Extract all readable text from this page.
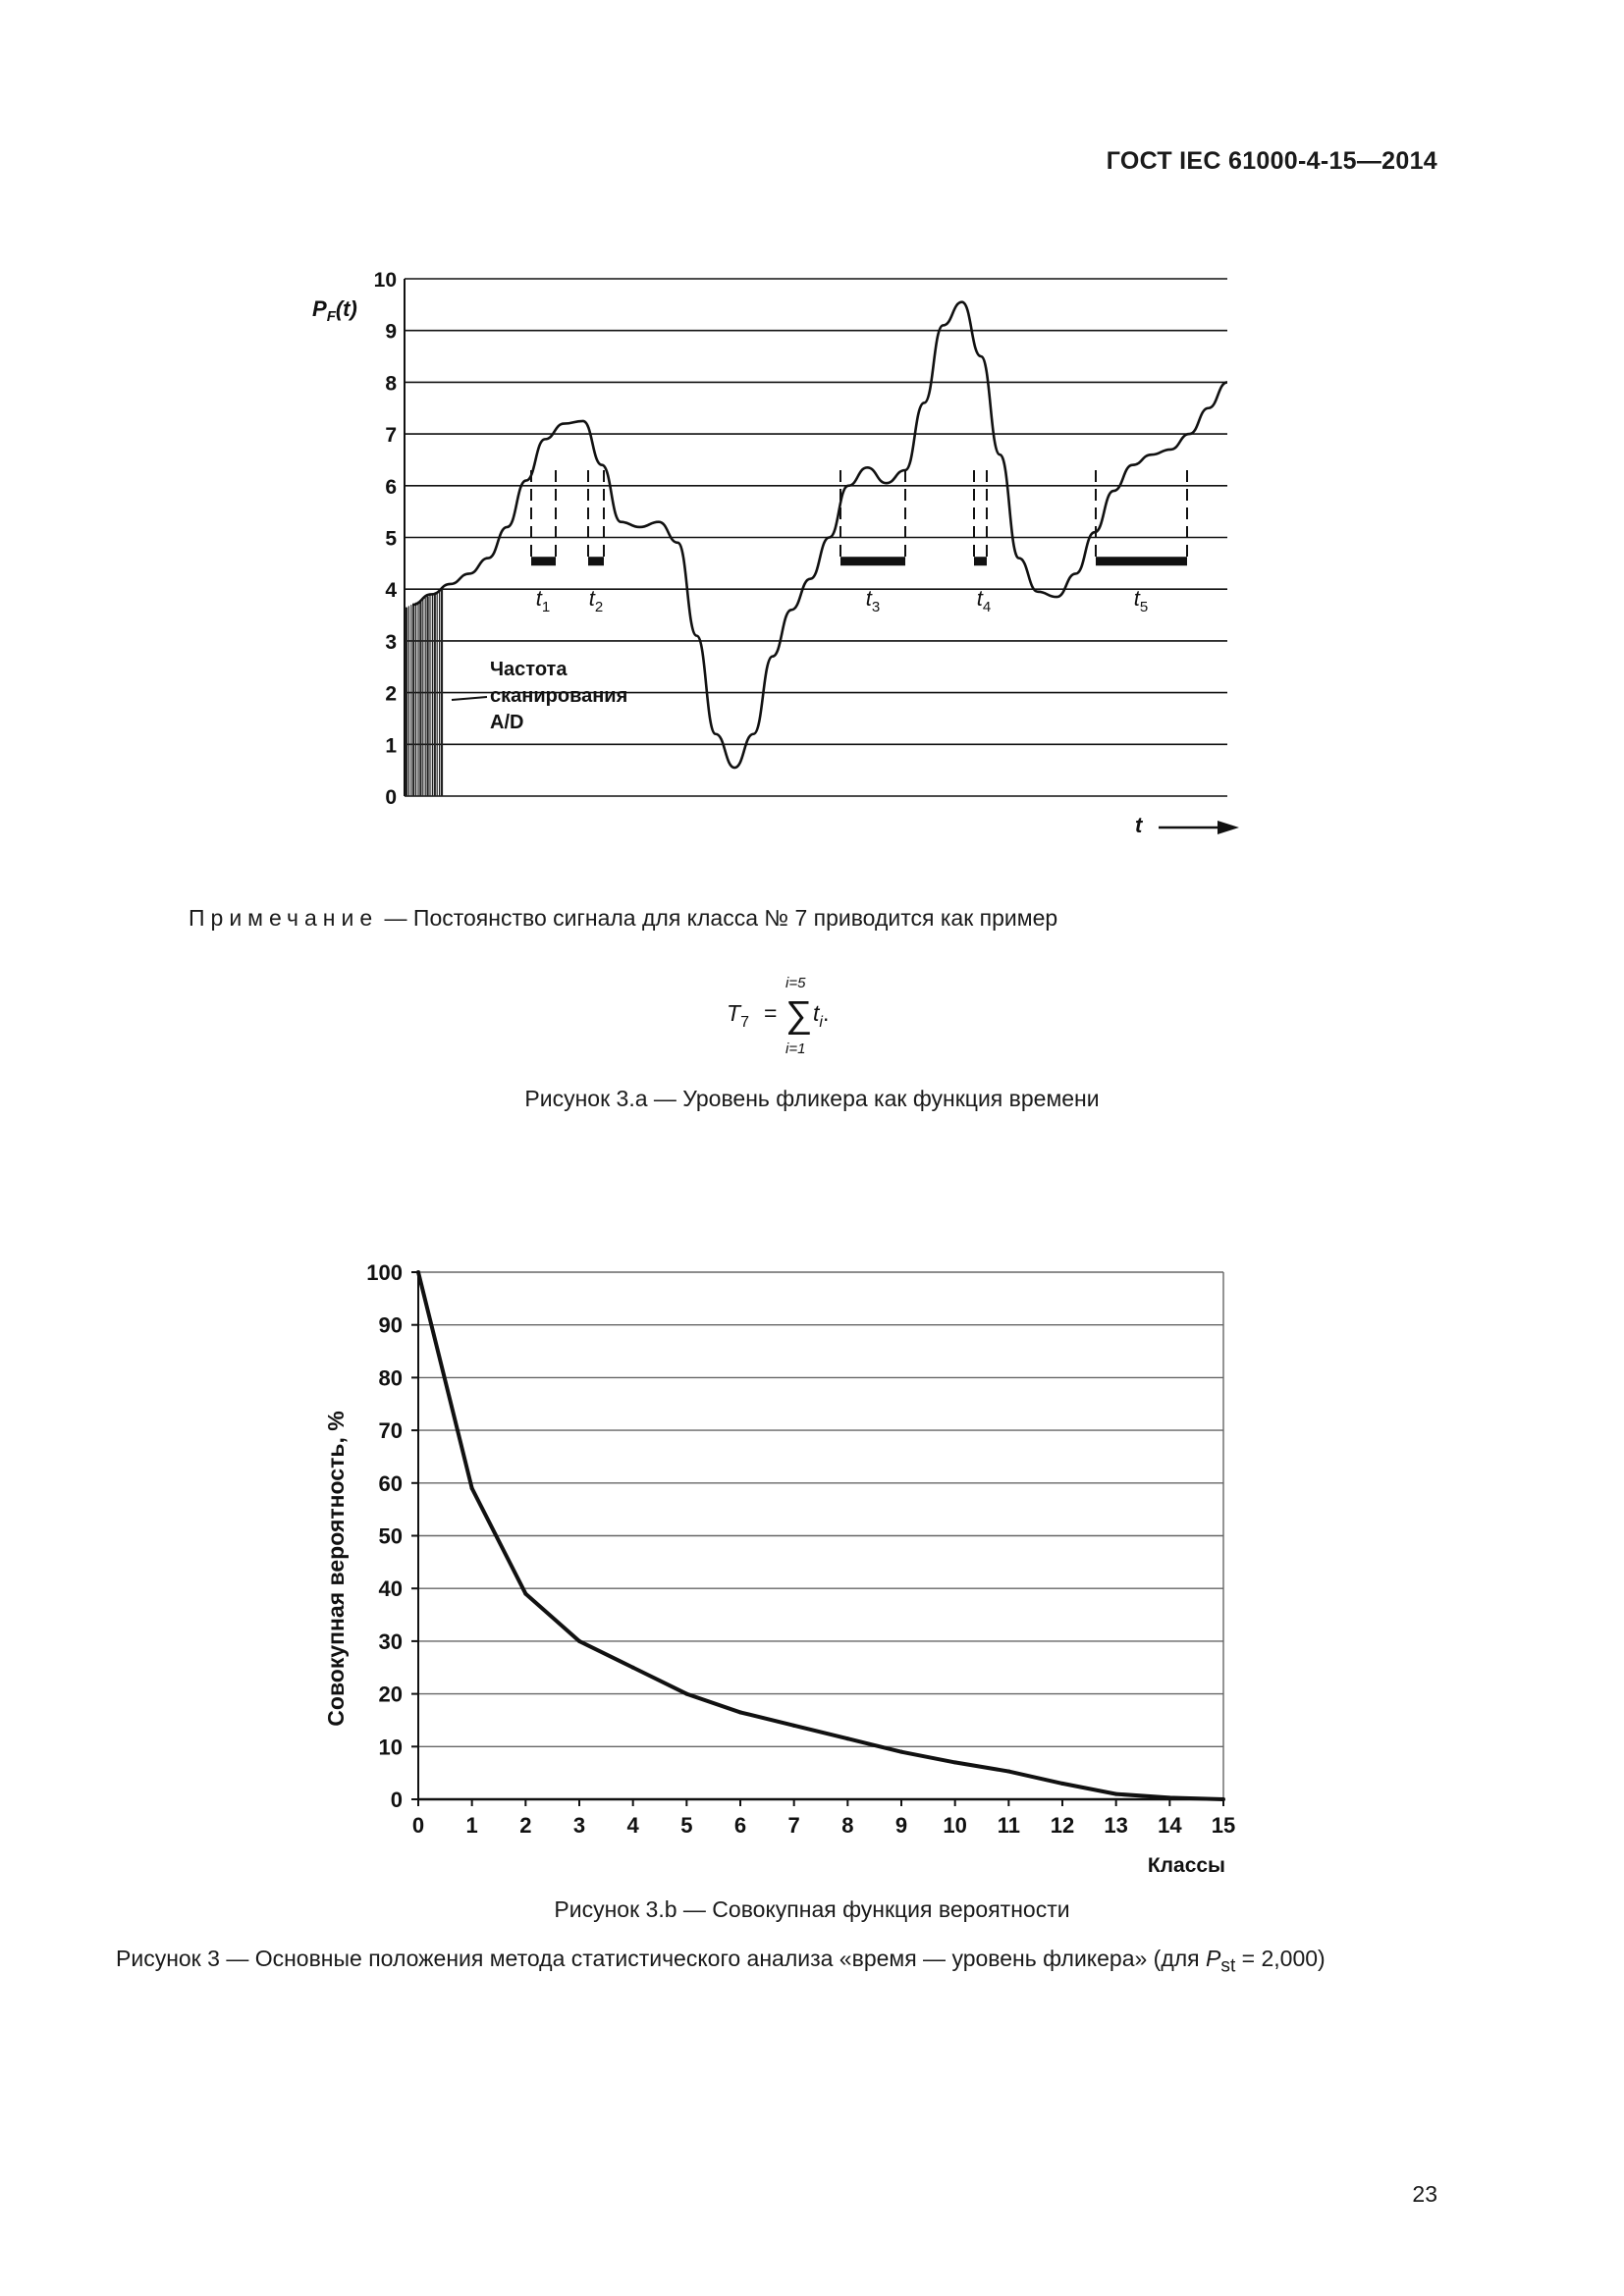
ГОСТ IEC 61000-4-15—2014
0
1
2
3
4
5
6
7
8
9
10
$t_1$ $t_2$	$t_3$	$t_4$	$t_5$
$P_F(t)$
Частота сканирования A/D
t
Примечание — Постоянство сигнала для класса № 7 приводится как пример
$T_7$ =
i=5
∑
i=1
$t_i$.
Рисунок 3.a — Уровень фликера как функция времени
0
10
20
30
40
50
60
70
80
90
100
0 1 2 3 4 5 6 7 8 9 10 11 12 13 14 15
Совокупная вероятность, %
Классы
Рисунок 3.b — Совокупная функция вероятности
Рисунок 3 — Основные положения метода статистического анализа «время — уровень фликера» (для $P_{st} = 2,000$)
23
